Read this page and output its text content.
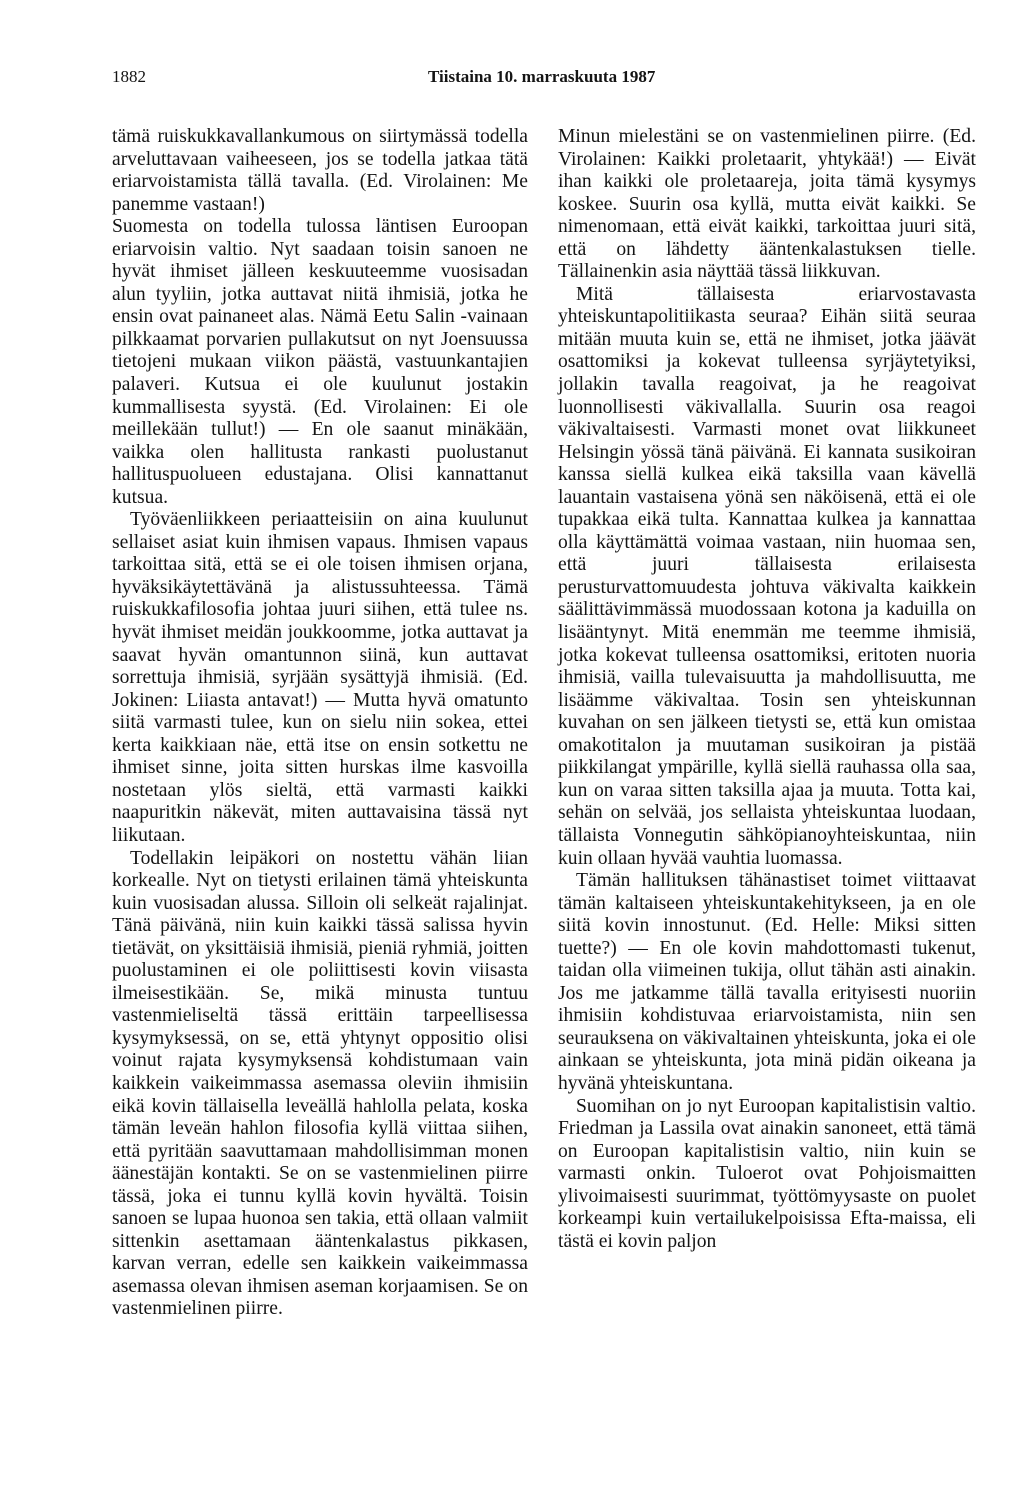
1882	Tiistaina 10. marraskuuta 1987

tämä ruiskukkavallankumous on siirtymässä todella arveluttavaan vaiheeseen, jos se todella jatkaa tätä eriarvoistamista tällä tavalla. (Ed. Virolainen: Me panemme vastaan!)

Suomesta on todella tulossa läntisen Euroopan eriarvoisin valtio. Nyt saadaan toisin sanoen ne hyvät ihmiset jälleen keskuuteemme vuosisadan alun tyyliin, jotka auttavat niitä ihmisiä, jotka he ensin ovat painaneet alas. Nämä Eetu Salin -vainaan pilkkaamat porvarien pullakutsut on nyt Joensuussa tietojeni mukaan viikon päästä, vastuunkantajien palaveri. Kutsua ei ole kuulunut jostakin kummallisesta syystä. (Ed. Virolainen: Ei ole meillekään tullut!) — En ole saanut minäkään, vaikka olen hallitusta rankasti puolustanut hallituspuolueen edustajana. Olisi kannattanut kutsua.

Työväenliikkeen periaatteisiin on aina kuulunut sellaiset asiat kuin ihmisen vapaus. Ihmisen vapaus tarkoittaa sitä, että se ei ole toisen ihmisen orjana, hyväksikäytettävänä ja alistussuhteessa. Tämä ruiskukkafilosofia johtaa juuri siihen, että tulee ns. hyvät ihmiset meidän joukkoomme, jotka auttavat ja saavat hyvän omantunnon siinä, kun auttavat sorrettuja ihmisiä, syrjään sysättyjä ihmisiä. (Ed. Jokinen: Liiasta antavat!) — Mutta hyvä omatunto siitä varmasti tulee, kun on sielu niin sokea, ettei kerta kaikkiaan näe, että itse on ensin sotkettu ne ihmiset sinne, joita sitten hurskas ilme kasvoilla nostetaan ylös sieltä, että varmasti kaikki naapuritkin näkevät, miten auttavaisina tässä nyt liikutaan.

Todellakin leipäkori on nostettu vähän liian korkealle. Nyt on tietysti erilainen tämä yhteiskunta kuin vuosisadan alussa. Silloin oli selkeät rajalinjat. Tänä päivänä, niin kuin kaikki tässä salissa hyvin tietävät, on yksittäisiä ihmisiä, pieniä ryhmiä, joitten puolustaminen ei ole poliittisesti kovin viisasta ilmeisestikään. Se, mikä minusta tuntuu vastenmieliseltä tässä erittäin tarpeellisessa kysymyksessä, on se, että yhtynyt oppositio olisi voinut rajata kysymyksensä kohdistumaan vain kaikkein vaikeimmassa asemassa oleviin ihmisiin eikä kovin tällaisella leveällä hahlolla pelata, koska tämän leveän hahlon filosofia kyllä viittaa siihen, että pyritään saavuttamaan mahdollisimman monen äänestäjän kontakti. Se on se vastenmielinen piirre tässä, joka ei tunnu kyllä kovin hyvältä. Toisin sanoen se lupaa huonoa sen takia, että ollaan valmiit sittenkin asettamaan ääntenkalastus pikkasen, karvan verran, edelle sen kaikkein vaikeimmassa asemassa olevan ihmisen aseman korjaamisen. Se on vastenmielinen piirre.

Minun mielestäni se on vastenmielinen piirre. (Ed. Virolainen: Kaikki proletaarit, yhtykää!) — Eivät ihan kaikki ole proletaareja, joita tämä kysymys koskee. Suurin osa kyllä, mutta eivät kaikki. Se nimenomaan, että eivät kaikki, tarkoittaa juuri sitä, että on lähdetty ääntenkalastuksen tielle. Tällainenkin asia näyttää tässä liikkuvan.

Mitä tällaisesta eriarvostavasta yhteiskuntapolitiikasta seuraa? Eihän siitä seuraa mitään muuta kuin se, että ne ihmiset, jotka jäävät osattomiksi ja kokevat tulleensa syrjäytetyiksi, jollakin tavalla reagoivat, ja he reagoivat luonnollisesti väkivallalla. Suurin osa reagoi väkivaltaisesti. Varmasti monet ovat liikkuneet Helsingin yössä tänä päivänä. Ei kannata susikoiran kanssa siellä kulkea eikä taksilla vaan kävellä lauantain vastaisena yönä sen näköisenä, että ei ole tupakkaa eikä tulta. Kannattaa kulkea ja kannattaa olla käyttämättä voimaa vastaan, niin huomaa sen, että juuri tällaisesta erilaisesta perusturvattomuudesta johtuva väkivalta kaikkein säälittävimmässä muodossaan kotona ja kaduilla on lisääntynyt. Mitä enemmän me teemme ihmisiä, jotka kokevat tulleensa osattomiksi, eritoten nuoria ihmisiä, vailla tulevaisuutta ja mahdollisuutta, me lisäämme väkivaltaa. Tosin sen yhteiskunnan kuvahan on sen jälkeen tietysti se, että kun omistaa omakotitalon ja muutaman susikoiran ja pistää piikkilangat ympärille, kyllä siellä rauhassa olla saa, kun on varaa sitten taksilla ajaa ja muuta. Totta kai, sehän on selvää, jos sellaista yhteiskuntaa luodaan, tällaista Vonnegutin sähköpianoyhteiskuntaa, niin kuin ollaan hyvää vauhtia luomassa.

Tämän hallituksen tähänastiset toimet viittaavat tämän kaltaiseen yhteiskuntakehitykseen, ja en ole siitä kovin innostunut. (Ed. Helle: Miksi sitten tuette?) — En ole kovin mahdottomasti tukenut, taidan olla viimeinen tukija, ollut tähän asti ainakin. Jos me jatkamme tällä tavalla erityisesti nuoriin ihmisiin kohdistuvaa eriarvoistamista, niin sen seurauksena on väkivaltainen yhteiskunta, joka ei ole ainkaan se yhteiskunta, jota minä pidän oikeana ja hyvänä yhteiskuntana.

Suomihan on jo nyt Euroopan kapitalistisin valtio. Friedman ja Lassila ovat ainakin sanoneet, että tämä on Euroopan kapitalistisin valtio, niin kuin se varmasti onkin. Tuloerot ovat Pohjoismaitten ylivoimaisesti suurimmat, työttömyysaste on puolet korkeampi kuin vertailukelpoisissa Efta-maissa, eli tästä ei kovin paljon
